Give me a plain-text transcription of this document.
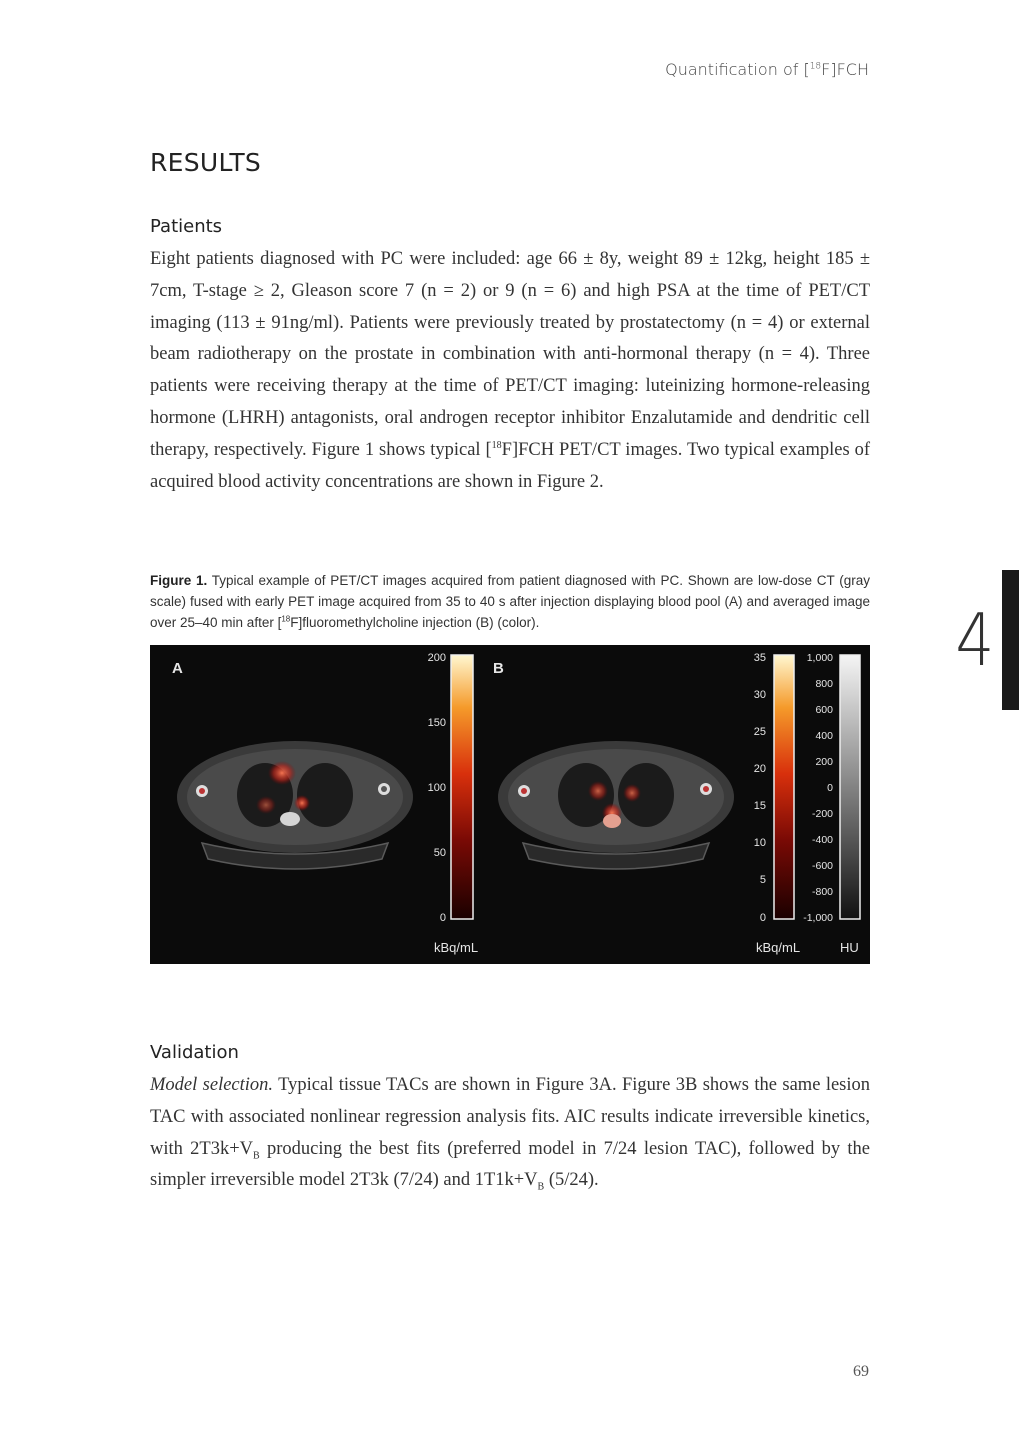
Quantification of [$^{18}$F]FCH
4
RESULTS
Patients

Eight patients diagnosed with PC were included: age 66 ± 8y, weight 89 ± 12kg, height 185 ± 7cm, T-stage ≥ 2, Gleason score 7 (n = 2) or 9 (n = 6) and high PSA at the time of PET/CT imaging (113 ± 91ng/ml). Patients were previously treated by prostatectomy (n = 4) or external beam radiotherapy on the prostate in combination with anti-hormonal therapy (n = 4). Three patients were receiving therapy at the time of PET/CT imaging: luteinizing hormone-releasing hormone (LHRH) antagonists, oral androgen receptor inhibitor Enzalutamide and dendritic cell therapy, respectively. Figure 1 shows typical [$^{18}$F]FCH PET/CT images. Two typical examples of acquired blood activity concentrations are shown in Figure 2.

Figure 1. Typical example of PET/CT images acquired from patient diagnosed with PC. Shown are low-dose CT (gray scale) fused with early PET image acquired from 35 to 40 s after injection displaying blood pool (A) and averaged image over 25–40 min after [$^{18}$F]fluoromethylcholine injection (B) (color).

A
200
150
100
50
0
kBq/mL
B
35
30
25
20
15
10
5
0
kBq/mL
1,000
800
600
400
200
0
-200
-400
-600
-800
-1,000
HU
Validation

Model selection. Typical tissue TACs are shown in Figure 3A. Figure 3B shows the same lesion TAC with associated nonlinear regression analysis fits. AIC results indicate irreversible kinetics, with $2T3k+V_B$ producing the best fits (preferred model in 7/24 lesion TAC), followed by the simpler irreversible model 2T3k (7/24) and $1T1k+V_B$ (5/24).

69
